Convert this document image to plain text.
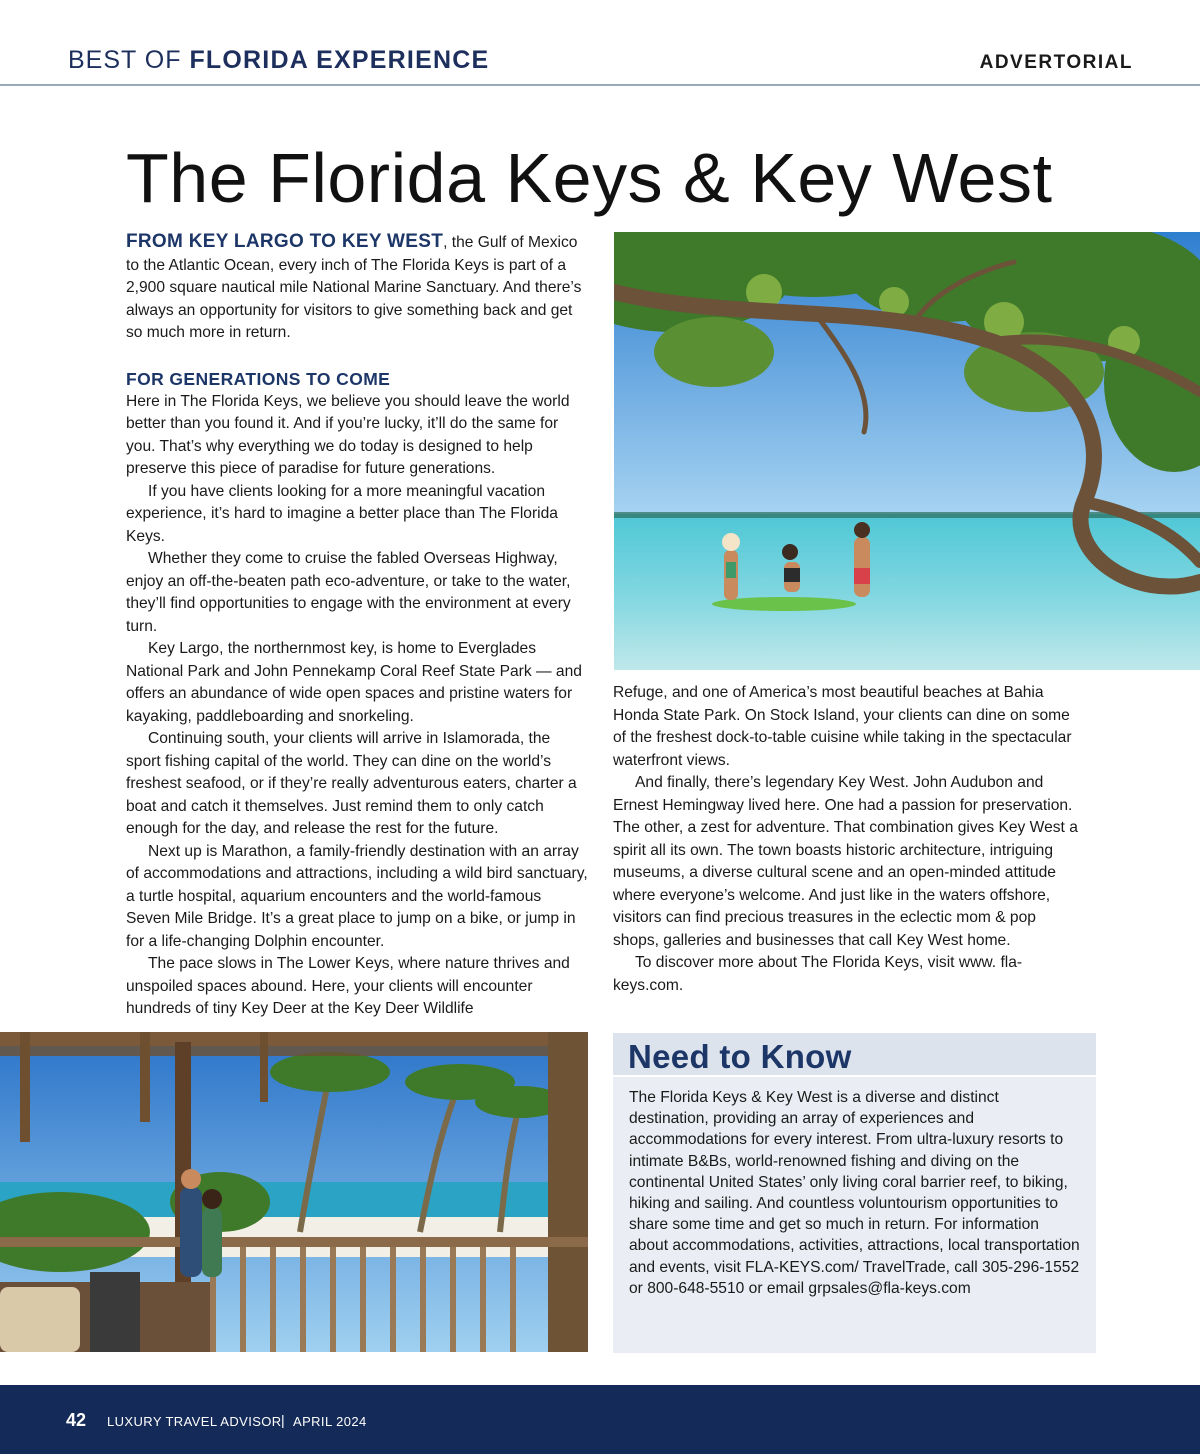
BEST OF FLORIDA EXPERIENCE	ADVERTORIAL
The Florida Keys & Key West

FROM KEY LARGO TO KEY WEST, the Gulf of Mexico to the Atlantic Ocean, every inch of The Florida Keys is part of a 2,900 square nautical mile National Marine Sanctuary. And there’s always an opportunity for visitors to give something back and get so much more in return.

FOR GENERATIONS TO COME

Here in The Florida Keys, we believe you should leave the world better than you found it. And if you’re lucky, it’ll do the same for you. That’s why everything we do today is designed to help preserve this piece of paradise for future generations.

If you have clients looking for a more meaningful vacation experience, it’s hard to imagine a better place than The Florida Keys.

Whether they come to cruise the fabled Overseas Highway, enjoy an off-the-beaten path eco-adventure, or take to the water, they’ll find opportunities to engage with the environment at every turn.

Key Largo, the northernmost key, is home to Everglades National Park and John Pennekamp Coral Reef State Park — and offers an abundance of wide open spaces and pristine waters for kayaking, paddleboarding and snorkeling.

Continuing south, your clients will arrive in Islamorada, the sport fishing capital of the world. They can dine on the world’s freshest seafood, or if they’re really adventurous eaters, charter a boat and catch it themselves. Just remind them to only catch enough for the day, and release the rest for the future.

Next up is Marathon, a family-friendly destination with an array of accommodations and attractions, including a wild bird sanctuary, a turtle hospital, aquarium encounters and the world-famous Seven Mile Bridge. It’s a great place to jump on a bike, or jump in for a life-changing Dolphin encounter.

The pace slows in The Lower Keys, where nature thrives and unspoiled spaces abound. Here, your clients will encounter hundreds of tiny Key Deer at the Key Deer Wildlife

Refuge, and one of America’s most beautiful beaches at Bahia Honda State Park. On Stock Island, your clients can dine on some of the freshest dock-to-table cuisine while taking in the spectacular waterfront views.

And finally, there’s legendary Key West. John Audubon and Ernest Hemingway lived here. One had a passion for preservation. The other, a zest for adventure. That combination gives Key West a spirit all its own. The town boasts historic architecture, intriguing museums, a diverse cultural scene and an open-minded attitude where everyone’s welcome. And just like in the waters offshore, visitors can find precious treasures in the eclectic mom & pop shops, galleries and businesses that call Key West home.

To discover more about The Florida Keys, visit www. fla-keys.com.

Need to Know
The Florida Keys & Key West is a diverse and distinct destination, providing an array of experiences and accommodations for every interest. From ultra-luxury resorts to intimate B&Bs, world-renowned fishing and diving on the continental United States’ only living coral barrier reef, to biking, hiking and sailing. And countless voluntourism opportunities to share some time and get so much in return. For information about accommodations, activities, attractions, local transportation and events, visit FLA-KEYS.com/ TravelTrade, call 305-296-1552 or 800-648-5510 or email grpsales@fla-keys.com
42 LUXURY TRAVEL ADVISOR | APRIL 2024
